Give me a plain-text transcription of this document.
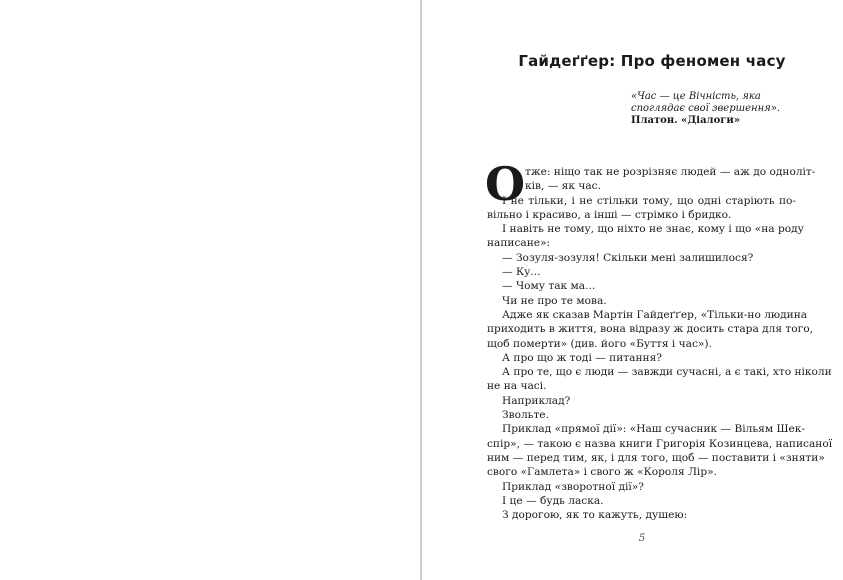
Гайдеґґер: Про феномен часу
«Час — це Вічність, яка
споглядає свої звершення».
Платон. «Діалоги»
О тже: ніщо так не розрізняє людей — аж до одноліт-
ків, — як час.
І не тільки, і не стільки тому, що одні старіють по-
вільно і красиво, а інші — стрімко і бридко.
І навіть не тому, що ніхто не знає, кому і що «на роду
написане»:
— Зозуля-зозуля! Скільки мені залишилося?
— Ку...
— Чому так ма...
Чи не про те мова.
Адже як сказав Мартін Гайдеґґер, «Тільки-но людина
приходить в життя, вона відразу ж досить стара для того,
щоб померти» (див. його «Буття і час»).
А про що ж тоді — питання?
А про те, що є люди — завжди сучасні, а є такі, хто ніколи
не на часі.
Наприклад?
Звольте.
Приклад «прямої дії»: «Наш сучасник — Вільям Шек-
спір», — такою є назва книги Григорія Козинцева, написаної
ним — перед тим, як, і для того, щоб — поставити і «зняти»
свого «Гамлета» і свого ж «Короля Лір».
Приклад «зворотної дії»?
І це — будь ласка.
З дорогою, як то кажуть, душею:
5
